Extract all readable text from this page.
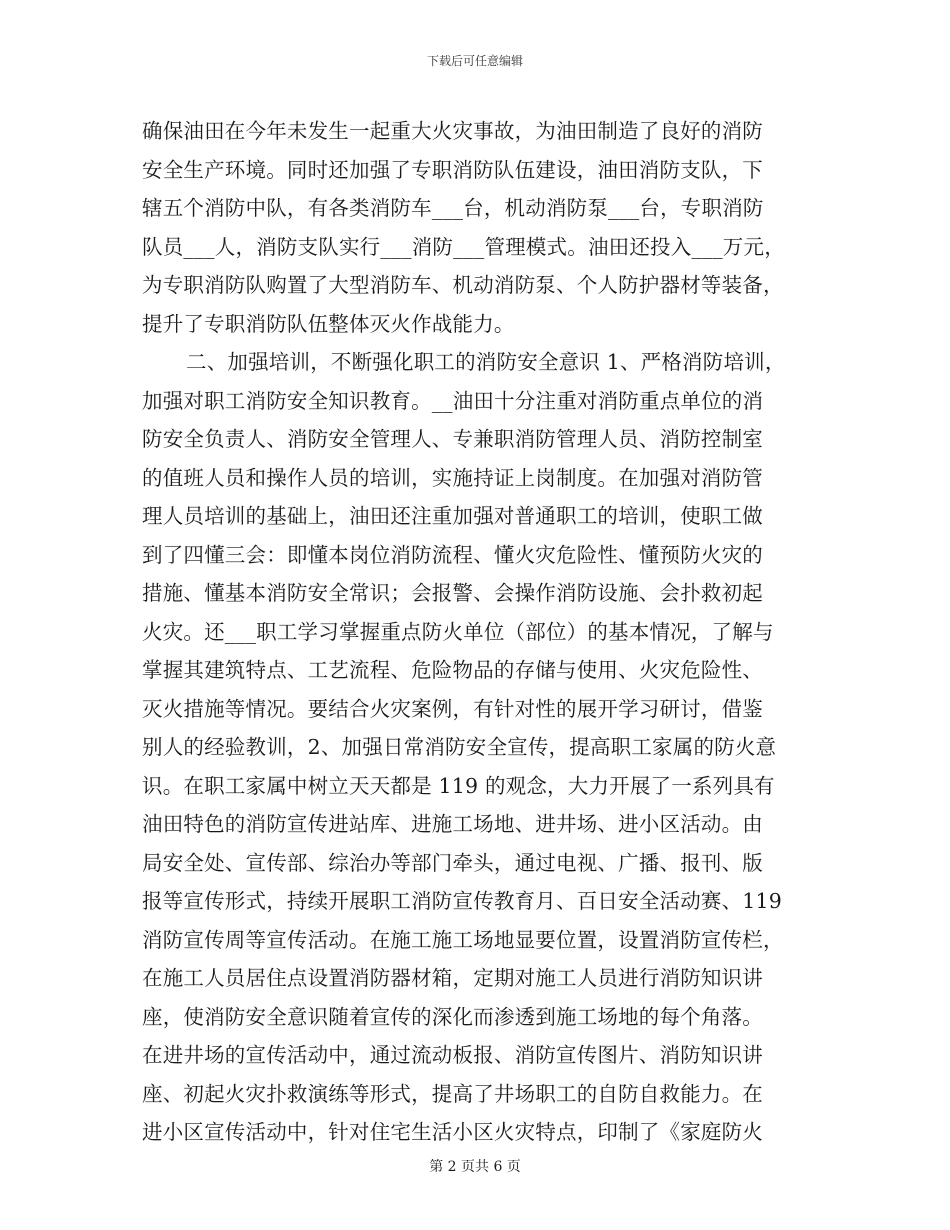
下载后可任意编辑
确保油田在今年未发生一起重大火灾事故，为油田制造了良好的消防
安全生产环境。同时还加强了专职消防队伍建设，油田消防支队，下
辖五个消防中队，有各类消防车___台，机动消防泵___台，专职消防
队员___人，消防支队实行___消防___管理模式。油田还投入___万元，
为专职消防队购置了大型消防车、机动消防泵、个人防护器材等装备，
提升了专职消防队伍整体灭火作战能力。
二、加强培训，不断强化职工的消防安全意识 1、严格消防培训，
加强对职工消防安全知识教育。__油田十分注重对消防重点单位的消
防安全负责人、消防安全管理人、专兼职消防管理人员、消防控制室
的值班人员和操作人员的培训，实施持证上岗制度。在加强对消防管
理人员培训的基础上，油田还注重加强对普通职工的培训，使职工做
到了四懂三会：即懂本岗位消防流程、懂火灾危险性、懂预防火灾的
措施、懂基本消防安全常识；会报警、会操作消防设施、会扑救初起
火灾。还___职工学习掌握重点防火单位（部位）的基本情况，了解与
掌握其建筑特点、工艺流程、危险物品的存储与使用、火灾危险性、
灭火措施等情况。要结合火灾案例，有针对性的展开学习研讨，借鉴
别人的经验教训，2、加强日常消防安全宣传，提高职工家属的防火意
识。在职工家属中树立天天都是 119 的观念，大力开展了一系列具有
油田特色的消防宣传进站库、进施工场地、进井场、进小区活动。由
局安全处、宣传部、综治办等部门牵头，通过电视、广播、报刊、版
报等宣传形式，持续开展职工消防宣传教育月、百日安全活动赛、119
消防宣传周等宣传活动。在施工施工场地显要位置，设置消防宣传栏，
在施工人员居住点设置消防器材箱，定期对施工人员进行消防知识讲
座，使消防安全意识随着宣传的深化而渗透到施工场地的每个角落。
在进井场的宣传活动中，通过流动板报、消防宣传图片、消防知识讲
座、初起火灾扑救演练等形式，提高了井场职工的自防自救能力。在
进小区宣传活动中，针对住宅生活小区火灾特点，印制了《家庭防火
第 2 页共 6 页
